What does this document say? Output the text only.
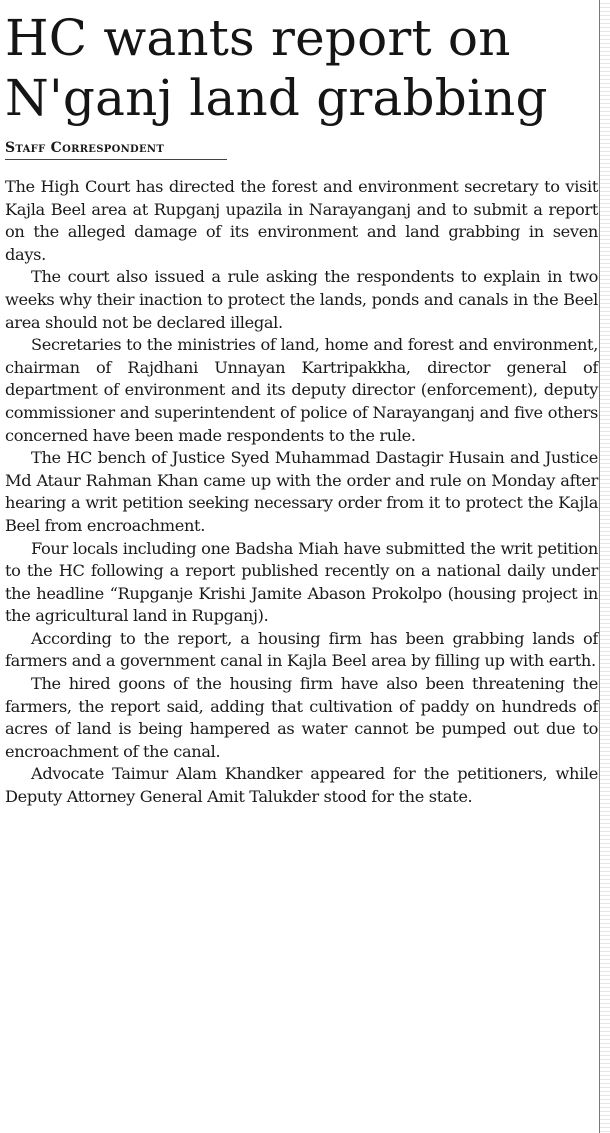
HC wants report on
N'ganj land grabbing
Staff Correspondent

The High Court has directed the forest and environment secretary to visit Kajla Beel area at Rupganj upazila in Narayanganj and to submit a report on the alleged damage of its environment and land grabbing in seven days.

The court also issued a rule asking the respondents to explain in two weeks why their inaction to protect the lands, ponds and canals in the Beel area should not be declared illegal.

Secretaries to the ministries of land, home and forest and environment, chairman of Rajdhani Unnayan Kartripakkha, director general of department of environment and its deputy director (enforcement), deputy commissioner and superintendent of police of Narayanganj and five others concerned have been made respondents to the rule.

The HC bench of Justice Syed Muhammad Dastagir Husain and Justice Md Ataur Rahman Khan came up with the order and rule on Monday after hearing a writ petition seeking necessary order from it to protect the Kajla Beel from encroachment.

Four locals including one Badsha Miah have submitted the writ petition to the HC following a report published recently on a national daily under the headline “Rupganje Krishi Jamite Abason Prokolpo (housing project in the agricultural land in Rupganj).

According to the report, a housing firm has been grabbing lands of farmers and a government canal in Kajla Beel area by filling up with earth.

The hired goons of the housing firm have also been threatening the farmers, the report said, adding that cultivation of paddy on hundreds of acres of land is being hampered as water cannot be pumped out due to encroachment of the canal.

Advocate Taimur Alam Khandker appeared for the petitioners, while Deputy Attorney General Amit Talukder stood for the state.
